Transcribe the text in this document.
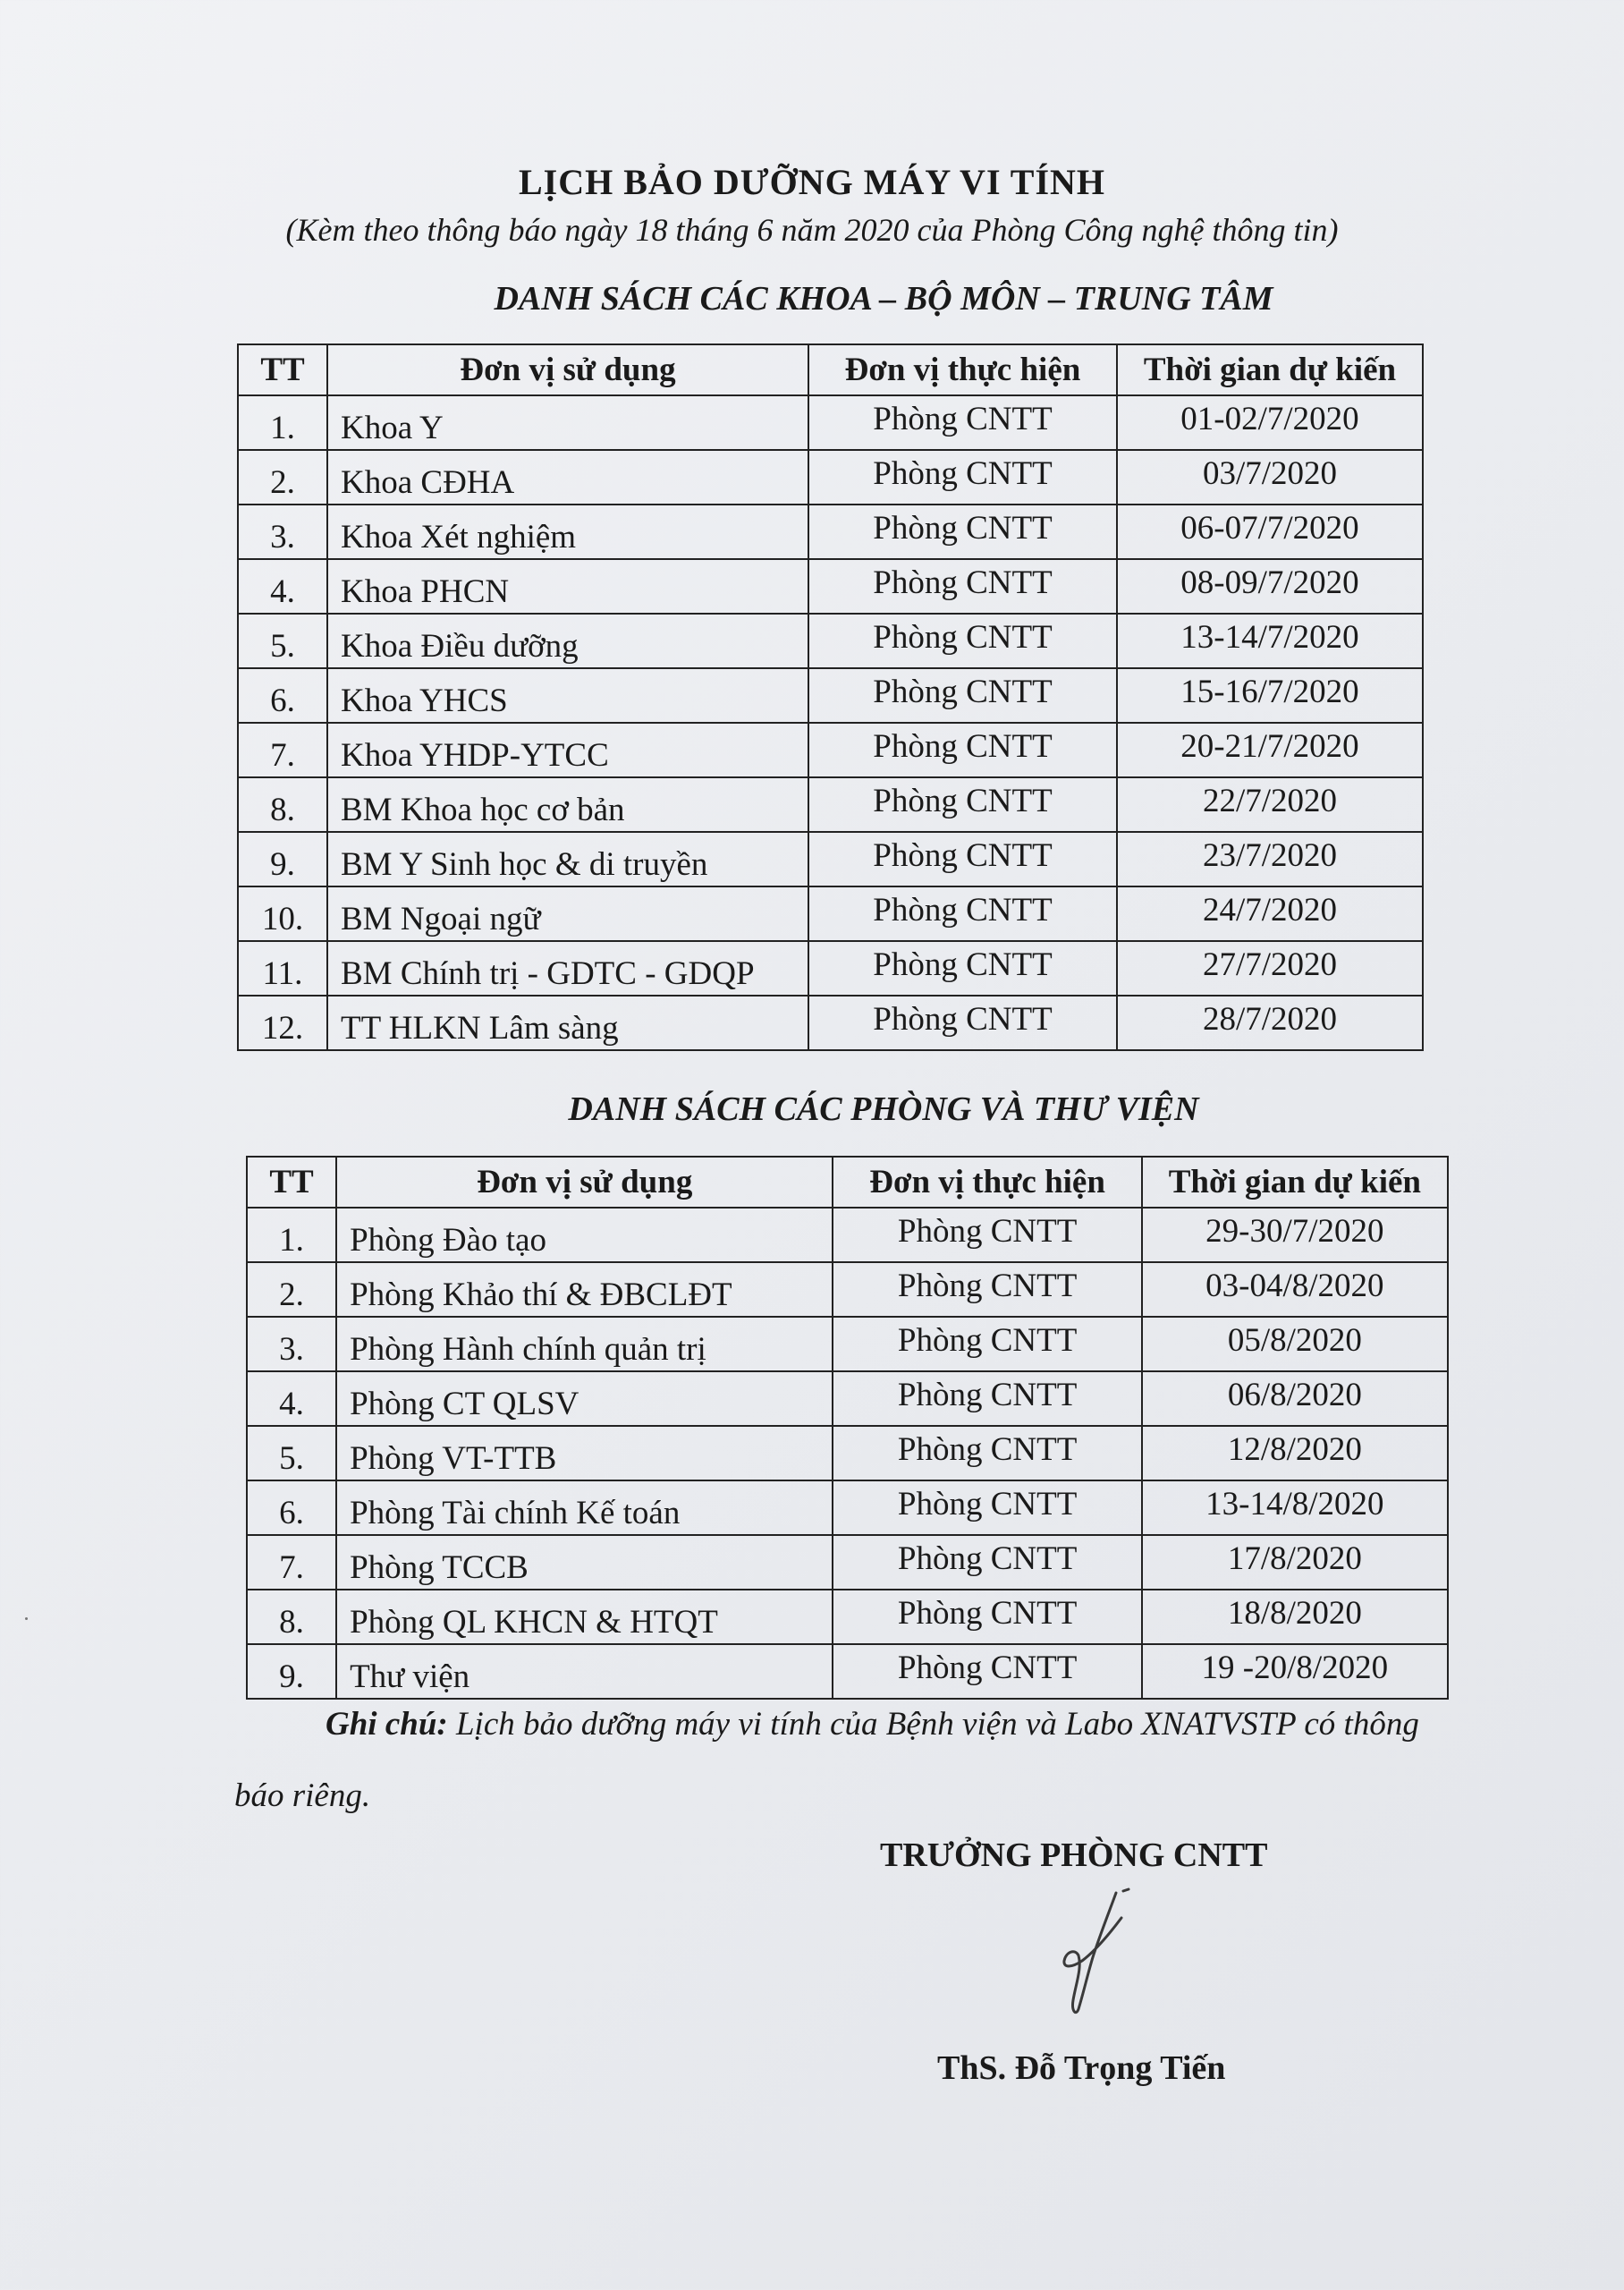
LỊCH BẢO DƯỠNG MÁY VI TÍNH
(Kèm theo thông báo ngày 18 tháng 6 năm 2020 của Phòng Công nghệ thông tin)
DANH SÁCH CÁC KHOA – BỘ MÔN – TRUNG TÂM
TT	Đơn vị sử dụng	Đơn vị thực hiện	Thời gian dự kiến
1.	Khoa Y	Phòng CNTT	01-02/7/2020
2.	Khoa CĐHA	Phòng CNTT	03/7/2020
3.	Khoa Xét nghiệm	Phòng CNTT	06-07/7/2020
4.	Khoa PHCN	Phòng CNTT	08-09/7/2020
5.	Khoa Điều dưỡng	Phòng CNTT	13-14/7/2020
6.	Khoa YHCS	Phòng CNTT	15-16/7/2020
7.	Khoa YHDP-YTCC	Phòng CNTT	20-21/7/2020
8.	BM Khoa học cơ bản	Phòng CNTT	22/7/2020
9.	BM Y Sinh học & di truyền	Phòng CNTT	23/7/2020
10.	BM Ngoại ngữ	Phòng CNTT	24/7/2020
11.	BM Chính trị - GDTC - GDQP	Phòng CNTT	27/7/2020
12.	TT HLKN Lâm sàng	Phòng CNTT	28/7/2020
DANH SÁCH CÁC PHÒNG VÀ THƯ VIỆN
TT	Đơn vị sử dụng	Đơn vị thực hiện	Thời gian dự kiến
1.	Phòng Đào tạo	Phòng CNTT	29-30/7/2020
2.	Phòng Khảo thí & ĐBCLĐT	Phòng CNTT	03-04/8/2020
3.	Phòng Hành chính quản trị	Phòng CNTT	05/8/2020
4.	Phòng CT QLSV	Phòng CNTT	06/8/2020
5.	Phòng VT-TTB	Phòng CNTT	12/8/2020
6.	Phòng Tài chính Kế toán	Phòng CNTT	13-14/8/2020
7.	Phòng TCCB	Phòng CNTT	17/8/2020
8.	Phòng QL KHCN & HTQT	Phòng CNTT	18/8/2020
9.	Thư viện	Phòng CNTT	19 -20/8/2020
Ghi chú: Lịch bảo dưỡng máy vi tính của Bệnh viện và Labo XNATVSTP có thông báo riêng.
TRƯỞNG PHÒNG CNTT
ThS. Đỗ Trọng Tiến
